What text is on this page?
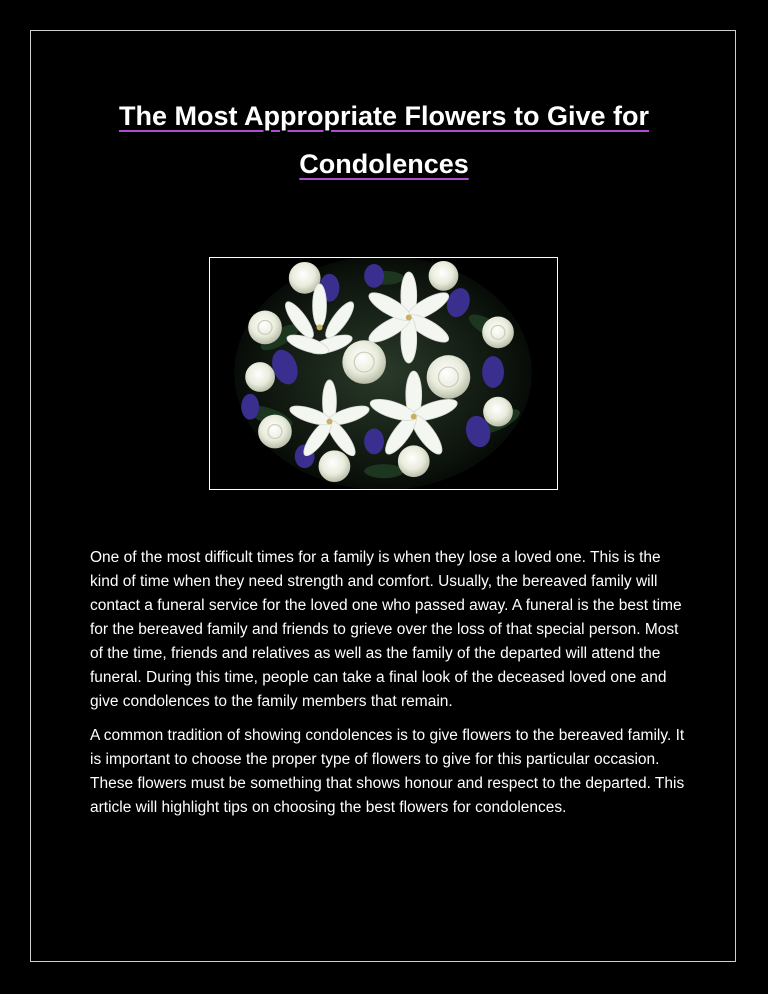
The Most Appropriate Flowers to Give for
Condolences

One of the most difficult times for a family is when they lose a loved one. This is the kind of time when they need strength and comfort. Usually, the bereaved family will contact a funeral service for the loved one who passed away. A funeral is the best time for the bereaved family and friends to grieve over the loss of that special person. Most of the time, friends and relatives as well as the family of the departed will attend the funeral. During this time, people can take a final look of the deceased loved one and give condolences to the family members that remain.

A common tradition of showing condolences is to give flowers to the bereaved family. It is important to choose the proper type of flowers to give for this particular occasion. These flowers must be something that shows honour and respect to the departed. This article will highlight tips on choosing the best flowers for condolences.
